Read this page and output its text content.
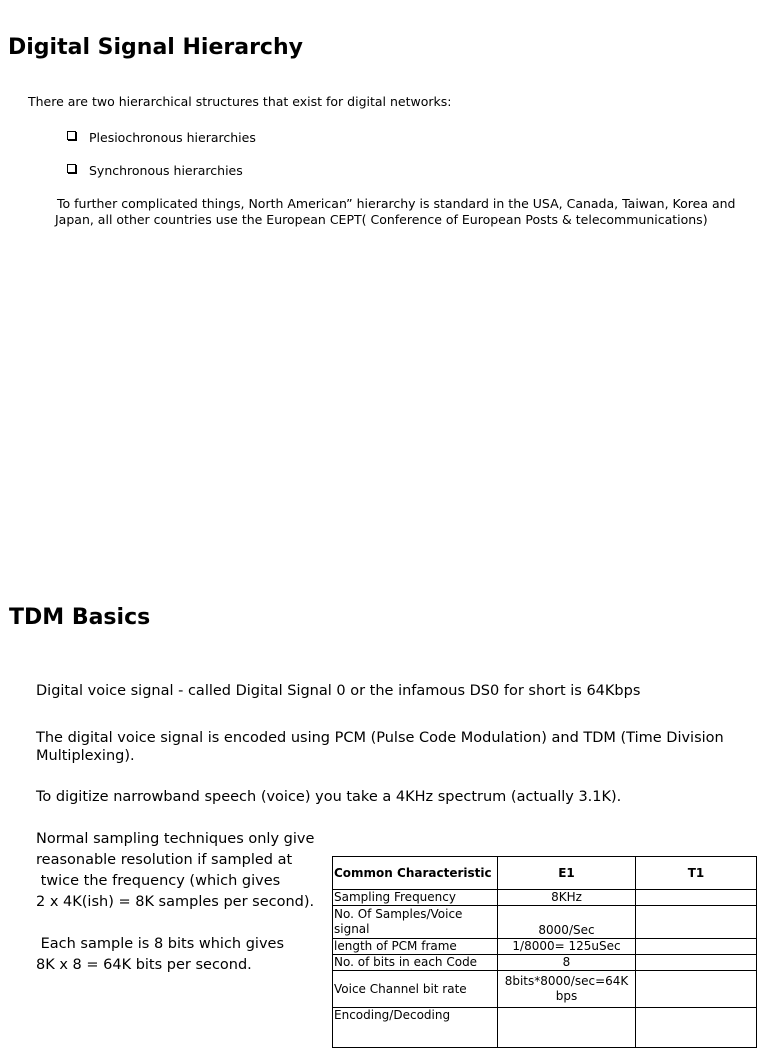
Digital Signal Hierarchy

There are two hierarchical structures that exist for digital networks:

Plesiochronous hierarchies
Synchronous hierarchies

To further complicated things, North American” hierarchy is standard in the USA, Canada, Taiwan, Korea and

Japan, all other countries use the European CEPT( Conference of European Posts & telecommunications)

TDM Basics

Digital voice signal - called Digital Signal 0 or the infamous DS0 for short is 64Kbps

The digital voice signal is encoded using PCM (Pulse Code Modulation) and TDM (Time Division

Multiplexing).

To digitize narrowband speech (voice) you take a 4KHz spectrum (actually 3.1K).

Normal sampling techniques only give

reasonable resolution if sampled at

twice the frequency (which gives

2 x 4K(ish) = 8K samples per second).

Each sample is 8 bits which gives

8K x 8 = 64K bits per second.

Common Characteristic	E1	T1
Sampling Frequency	8KHz	
No. Of Samples/Voice signal	8000/Sec	
length of PCM frame	1/8000= 125uSec	
No. of bits in each Code	8	
Voice Channel bit rate	8bits*8000/sec=64K bps	
Encoding/Decoding		
